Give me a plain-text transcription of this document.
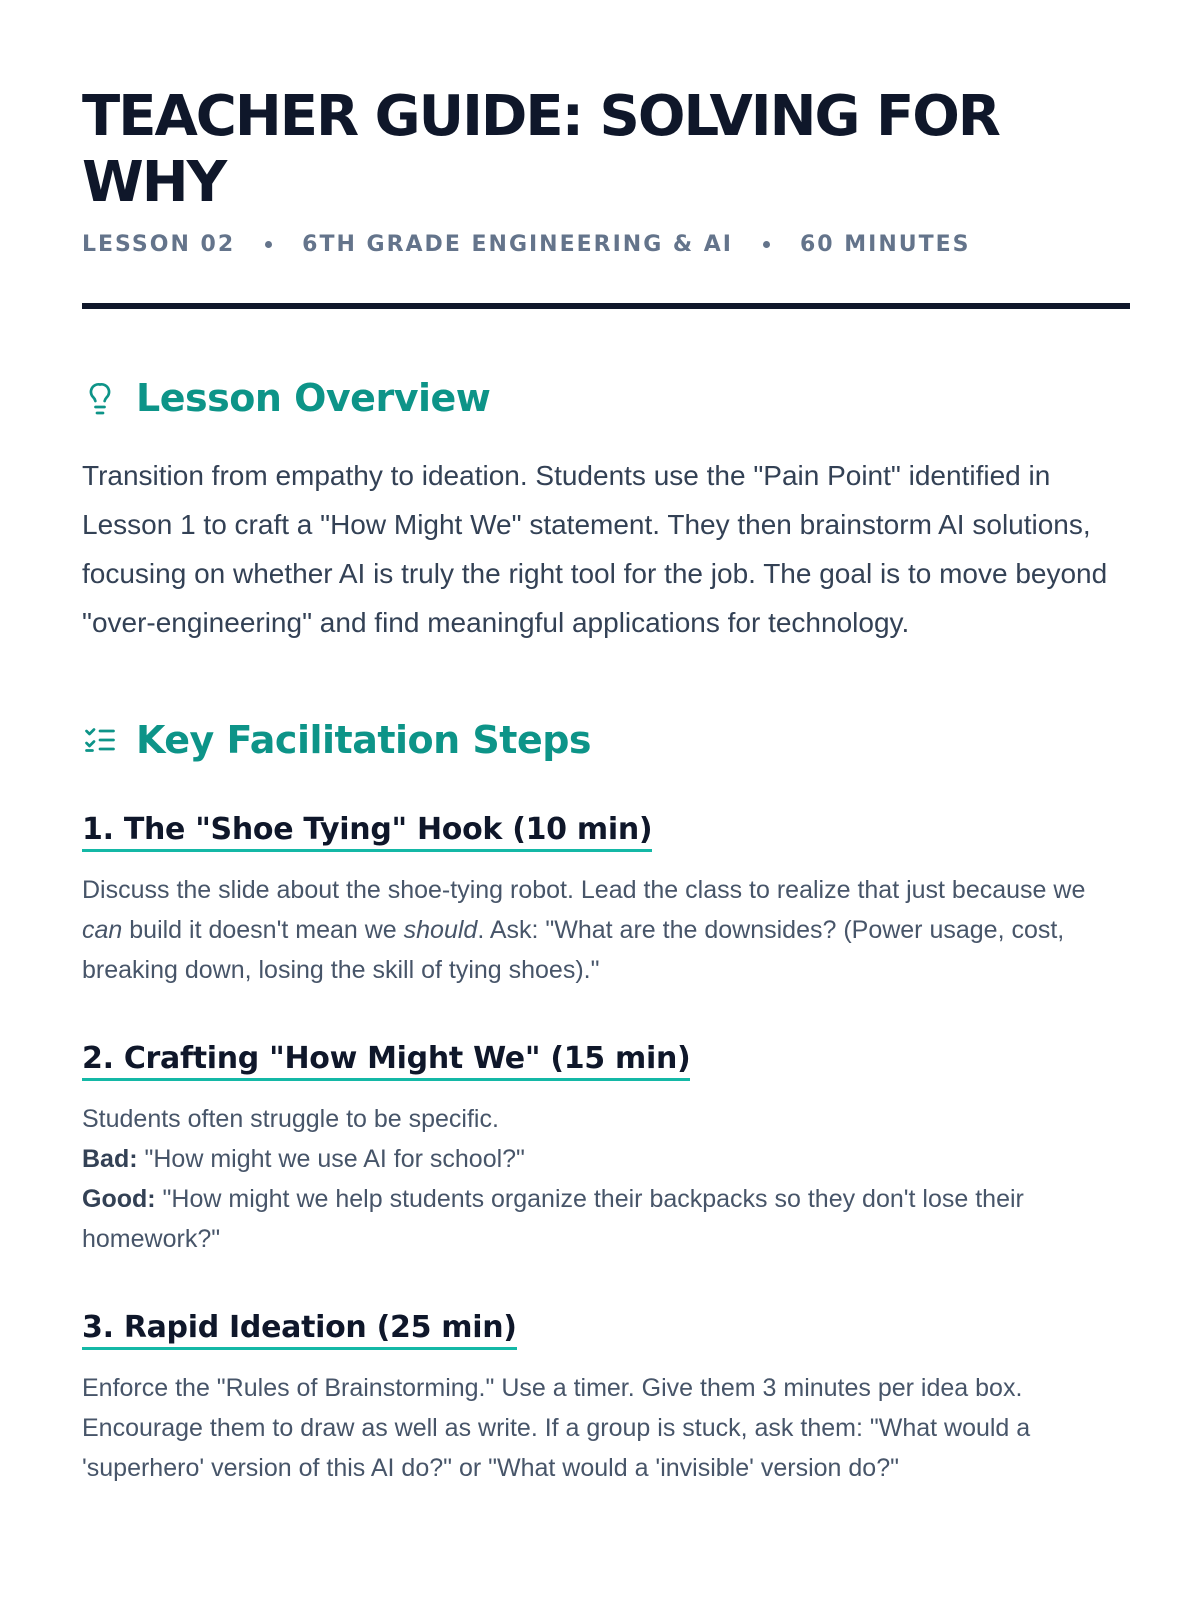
TEACHER GUIDE: SOLVING FOR WHY
LESSON 02	6TH GRADE ENGINEERING & AI	60 MINUTES
Lesson Overview

Transition from empathy to ideation. Students use the "Pain Point" identified in Lesson 1 to craft a "How Might We" statement. They then brainstorm AI solutions, focusing on whether AI is truly the right tool for the job. The goal is to move beyond "over-engineering" and find meaningful applications for technology.

Key Facilitation Steps
1. The "Shoe Tying" Hook (10 min)

Discuss the slide about the shoe-tying robot. Lead the class to realize that just because we can build it doesn't mean we should. Ask: "What are the downsides? (Power usage, cost, breaking down, losing the skill of tying shoes)."

2. Crafting "How Might We" (15 min)
Students often struggle to be specific.
Bad: "How might we use AI for school?"
Good: "How might we help students organize their backpacks so they don't lose their homework?"
3. Rapid Ideation (25 min)

Enforce the "Rules of Brainstorming." Use a timer. Give them 3 minutes per idea box. Encourage them to draw as well as write. If a group is stuck, ask them: "What would a 'superhero' version of this AI do?" or "What would a 'invisible' version do?"
